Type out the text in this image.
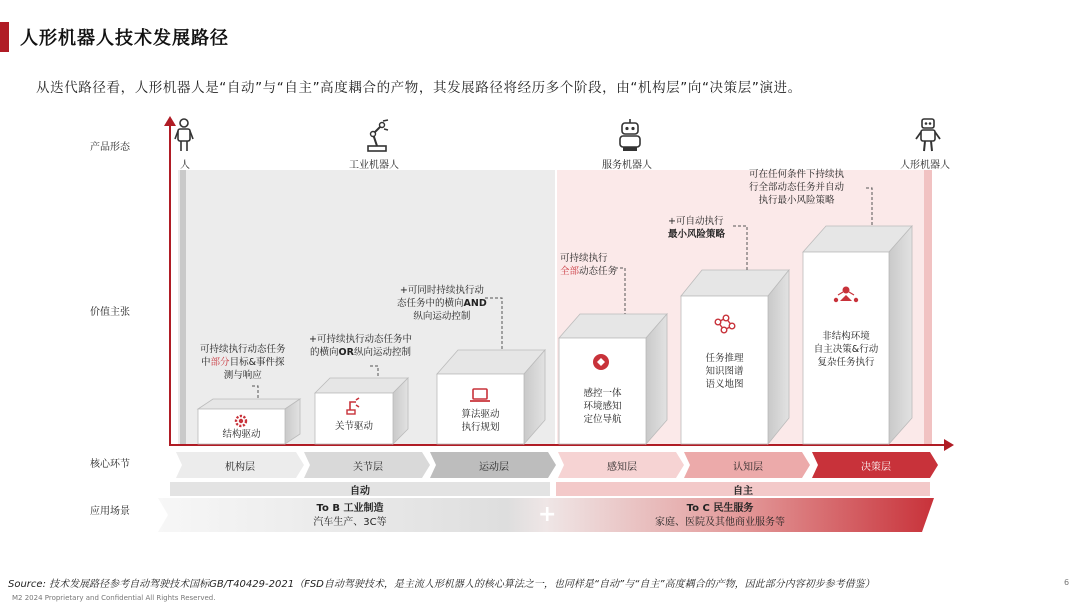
人形机器人技术发展路径
从迭代路径看，人形机器人是“自动”与“自主”高度耦合的产物，其发展路径将经历多个阶段，由“机构层”向“决策层”演进。
产品形态
价值主张
核心环节
应用场景
人	工业机器人	服务机器人	人形机器人
结构驱动
关节驱动
算法驱动
执行规划
感控一体
环境感知
定位导航
任务推理
知识图谱
语义地图
非结构环境
自主决策&行动
复杂任务执行
可持续执行动态任务
中部分目标&事件探
测与响应
+可持续执行动态任务中
的横向OR纵向运动控制
+可同时持续执行动
态任务中的横向AND
纵向运动控制
可持续执行
全部动态任务
+可自动执行
最小风险策略
可在任何条件下持续执
行全部动态任务并自动
执行最小风险策略
机构层	关节层	运动层	感知层	认知层	决策层
自动	自主
To B 工业制造
汽车生产、3C等	+	To C 民生服务
家庭、医院及其他商业服务等
Source: 技术发展路径参考自动驾驶技术国标GB/T40429-2021（FSD自动驾驶技术，是主流人形机器人的核心算法之一，也同样是“自动”与“自主”高度耦合的产物，因此部分内容初步参考借鉴）
M2 2024 Proprietary and Confidential All Rights Reserved.
6
